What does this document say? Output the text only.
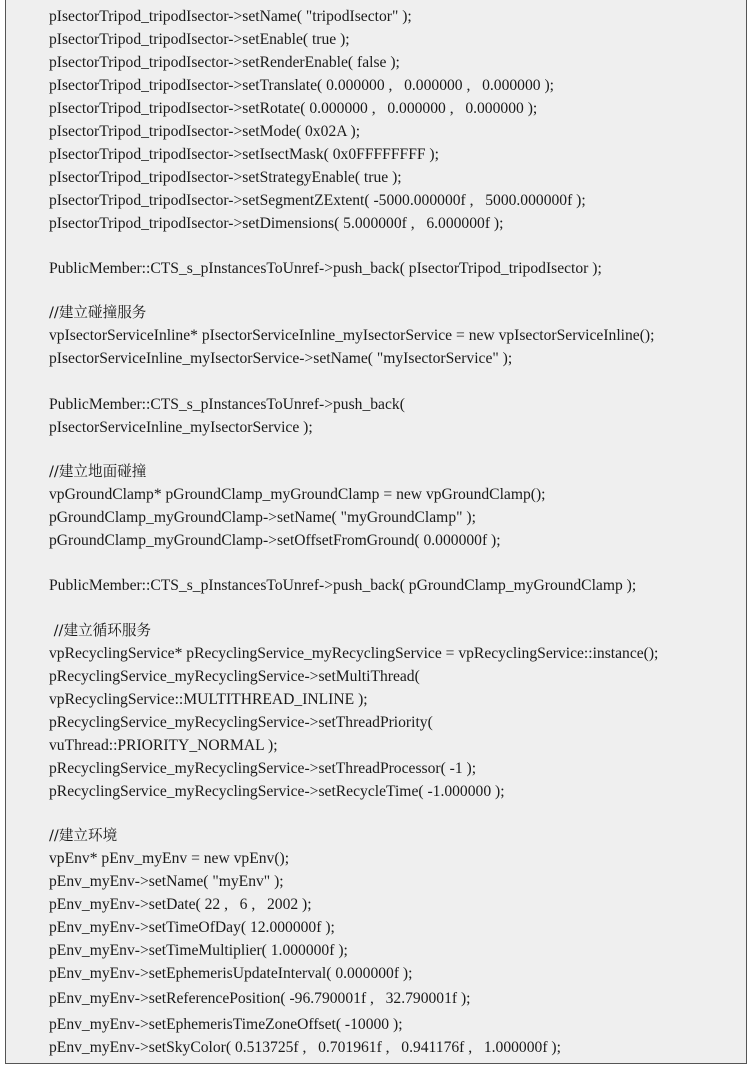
pIsectorTripod_tripodIsector->setName( "tripodIsector" );
pIsectorTripod_tripodIsector->setEnable( true );
pIsectorTripod_tripodIsector->setRenderEnable( false );
pIsectorTripod_tripodIsector->setTranslate( 0.000000 ,   0.000000 ,   0.000000 );
pIsectorTripod_tripodIsector->setRotate( 0.000000 ,   0.000000 ,   0.000000 );
pIsectorTripod_tripodIsector->setMode( 0x02A );
pIsectorTripod_tripodIsector->setIsectMask( 0x0FFFFFFFF );
pIsectorTripod_tripodIsector->setStrategyEnable( true );
pIsectorTripod_tripodIsector->setSegmentZExtent( -5000.000000f ,   5000.000000f );
pIsectorTripod_tripodIsector->setDimensions( 5.000000f ,   6.000000f );
PublicMember::CTS_s_pInstancesToUnref->push_back( pIsectorTripod_tripodIsector );
//建立碰撞服务
vpIsectorServiceInline* pIsectorServiceInline_myIsectorService = new vpIsectorServiceInline();
pIsectorServiceInline_myIsectorService->setName( "myIsectorService" );
PublicMember::CTS_s_pInstancesToUnref->push_back(
pIsectorServiceInline_myIsectorService );
//建立地面碰撞
vpGroundClamp* pGroundClamp_myGroundClamp = new vpGroundClamp();
pGroundClamp_myGroundClamp->setName( "myGroundClamp" );
pGroundClamp_myGroundClamp->setOffsetFromGround( 0.000000f );
PublicMember::CTS_s_pInstancesToUnref->push_back( pGroundClamp_myGroundClamp );
//建立循环服务
vpRecyclingService* pRecyclingService_myRecyclingService = vpRecyclingService::instance();
pRecyclingService_myRecyclingService->setMultiThread(
vpRecyclingService::MULTITHREAD_INLINE );
pRecyclingService_myRecyclingService->setThreadPriority(
vuThread::PRIORITY_NORMAL );
pRecyclingService_myRecyclingService->setThreadProcessor( -1 );
pRecyclingService_myRecyclingService->setRecycleTime( -1.000000 );
//建立环境
vpEnv* pEnv_myEnv = new vpEnv();
pEnv_myEnv->setName( "myEnv" );
pEnv_myEnv->setDate( 22 ,   6 ,   2002 );
pEnv_myEnv->setTimeOfDay( 12.000000f );
pEnv_myEnv->setTimeMultiplier( 1.000000f );
pEnv_myEnv->setEphemerisUpdateInterval( 0.000000f );
pEnv_myEnv->setReferencePosition( -96.790001f ,   32.790001f );
pEnv_myEnv->setEphemerisTimeZoneOffset( -10000 );
pEnv_myEnv->setSkyColor( 0.513725f ,   0.701961f ,   0.941176f ,   1.000000f );
